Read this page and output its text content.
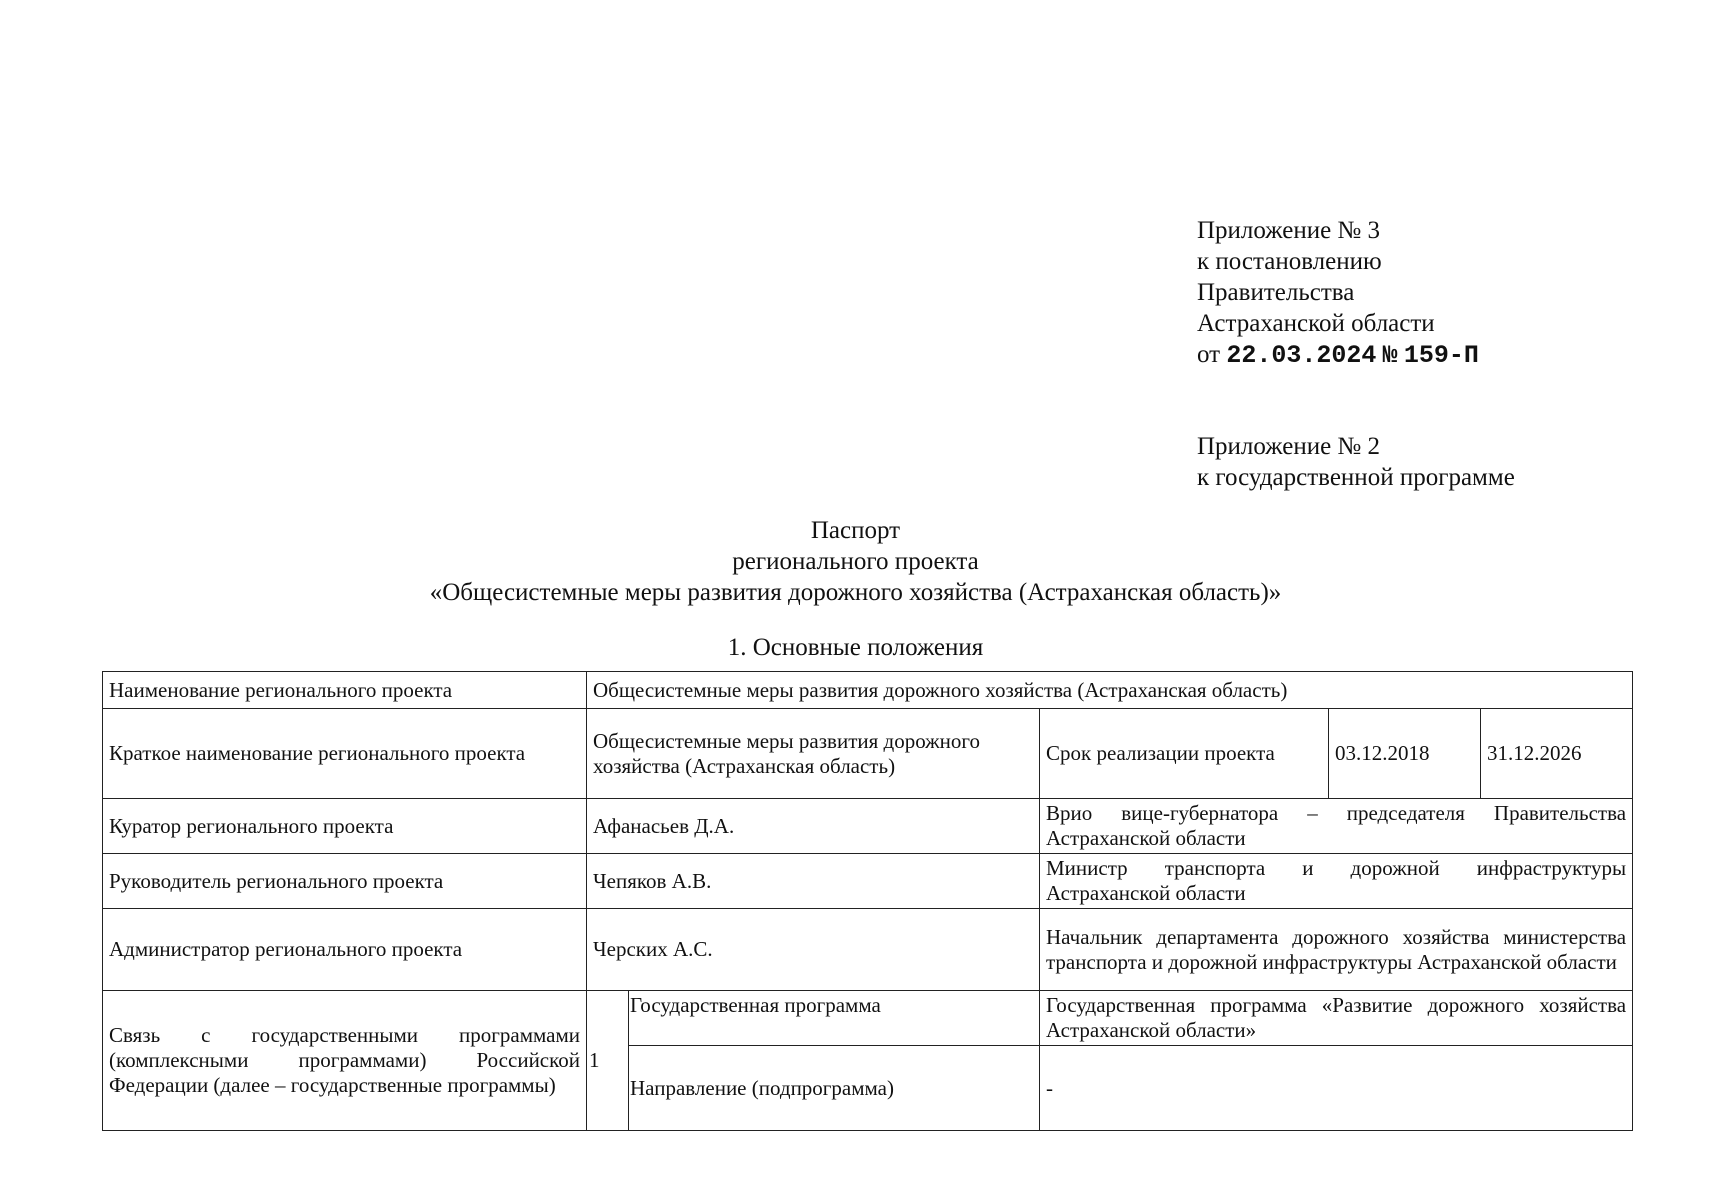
Приложение № 3
к постановлению
Правительства
Астраханской области
от 22.03.2024 № 159-П
Приложение № 2
к государственной программе
Паспорт
регионального проекта
«Общесистемные меры развития дорожного хозяйства (Астраханская область)»
1. Основные положения
Наименование регионального проекта	Общесистемные меры развития дорожного хозяйства (Астраханская область)				
Краткое наименование регионального проекта	Общесистемные меры развития дорожного хозяйства (Астраханская область)		Срок реализации проекта	03.12.2018	31.12.2026
Куратор регионального проекта	Афанасьев Д.А.		Врио вице-губернатора – председателя Правительства Астраханской области		
Руководитель регионального проекта	Чепяков А.В.		Министр транспорта и дорожной инфраструктуры Астраханской области		
Администратор регионального проекта	Черских А.С.		Начальник департамента дорожного хозяйства министерства транспорта и дорожной инфраструктуры Астраханской области		
Связь с государственными программами (комплексными программами) Российской Федерации (далее – государственные программы)	1	Государственная программа	Государственная программа «Развитие дорожного хозяйства Астраханской области»		
		Направление (подпрограмма)	-		
